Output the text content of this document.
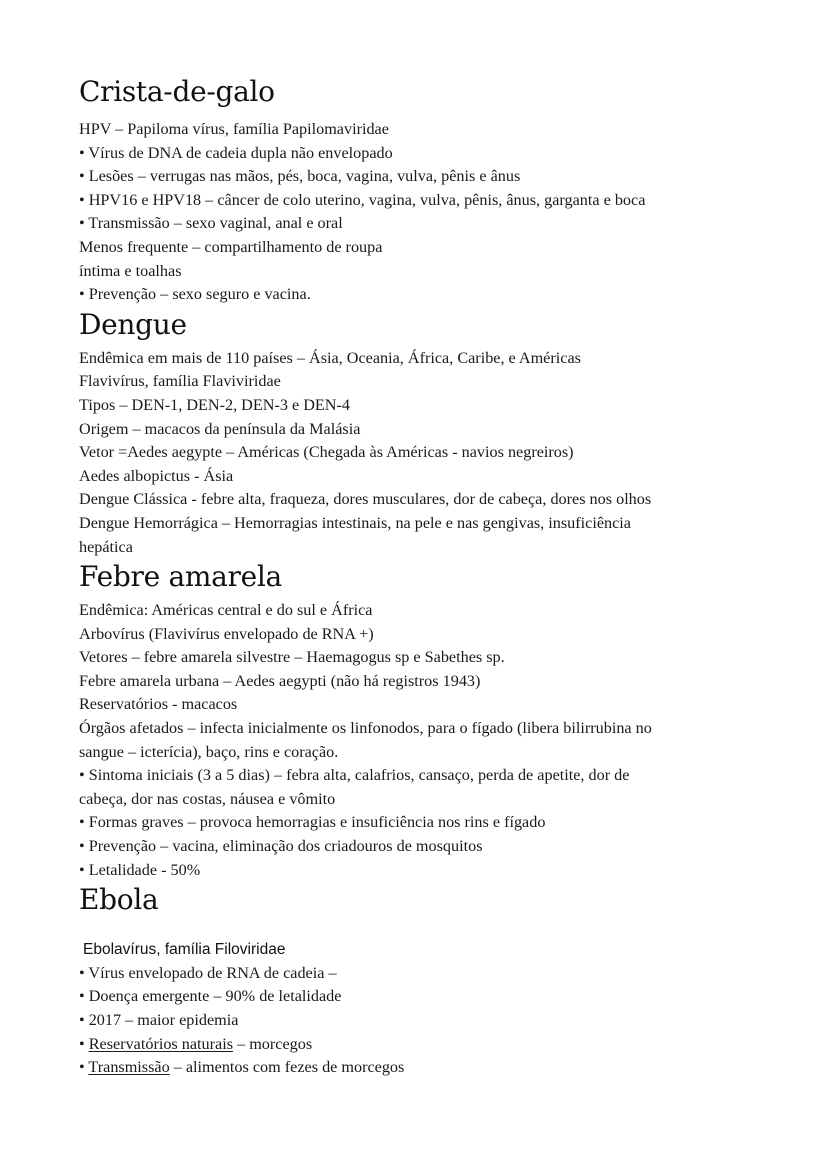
Crista-de-galo

HPV – Papiloma vírus, família Papilomaviridae

• Vírus de DNA de cadeia dupla não envelopado

• Lesões – verrugas nas mãos, pés, boca, vagina, vulva, pênis e ânus

• HPV16 e HPV18 – câncer de colo uterino, vagina, vulva, pênis, ânus, garganta e boca

• Transmissão – sexo vaginal, anal e oral

Menos frequente – compartilhamento de roupa

íntima e toalhas

• Prevenção – sexo seguro e vacina.

Dengue

Endêmica em mais de 110 países – Ásia, Oceania, África, Caribe, e Américas

Flavivírus, família Flaviviridae

Tipos – DEN-1, DEN-2, DEN-3 e DEN-4

Origem – macacos da península da Malásia

Vetor =Aedes aegypte – Américas (Chegada às Américas - navios negreiros)

Aedes albopictus - Ásia

Dengue Clássica - febre alta, fraqueza, dores musculares, dor de cabeça, dores nos olhos

Dengue Hemorrágica – Hemorragias intestinais, na pele e nas gengivas, insuficiência

hepática

Febre amarela

Endêmica: Américas central e do sul e África

Arbovírus (Flavivírus envelopado de RNA +)

Vetores – febre amarela silvestre – Haemagogus sp e Sabethes sp.

Febre amarela urbana – Aedes aegypti (não há registros 1943)

Reservatórios - macacos

Órgãos afetados – infecta inicialmente os linfonodos, para o fígado (libera bilirrubina no

sangue – icterícia), baço, rins e coração.

• Sintoma iniciais (3 a 5 dias) – febra alta, calafrios, cansaço, perda de apetite, dor de

cabeça, dor nas costas, náusea e vômito

• Formas graves – provoca hemorragias e insuficiência nos rins e fígado

• Prevenção – vacina, eliminação dos criadouros de mosquitos

• Letalidade - 50%

Ebola

Ebolavírus, família Filoviridae

• Vírus envelopado de RNA de cadeia –

• Doença emergente – 90% de letalidade

• 2017 – maior epidemia

• Reservatórios naturais – morcegos

• Transmissão – alimentos com fezes de morcegos
